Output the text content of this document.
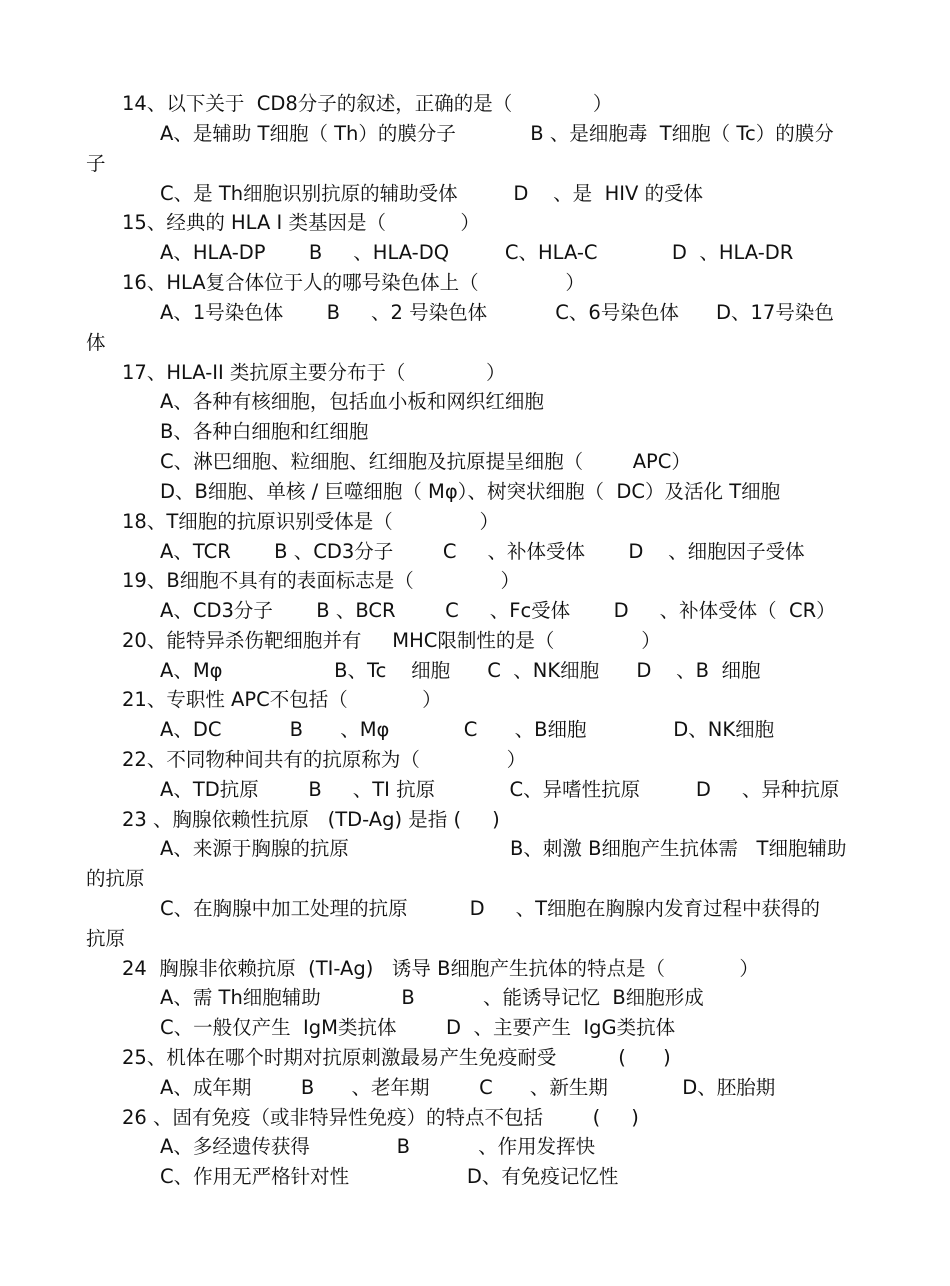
14、以下关于  CD8分子的叙述，正确的是（             ）
A、是辅助 T细胞（ Th）的膜分子            B 、是细胞毒  T细胞（ Tc）的膜分
子
C、是 Th细胞识别抗原的辅助受体         D    、是  HIV 的受体
15、经典的 HLA I 类基因是（            ）
A、HLA-DP       B     、HLA-DQ         C、HLA-C            D  、HLA-DR
16、HLA复合体位于人的哪号染色体上（              ）
A、1号染色体       B     、2 号染色体           C、6号染色体      D、17号染色
体
17、HLA-II 类抗原主要分布于（             ）
A、各种有核细胞，包括血小板和网织红细胞
B、各种白细胞和红细胞
C、淋巴细胞、粒细胞、红细胞及抗原提呈细胞（        APC）
D、B细胞、单核 / 巨噬细胞（ Mφ）、树突状细胞（  DC）及活化 T细胞
18、T细胞的抗原识别受体是（              ）
A、TCR       B 、CD3分子        C     、补体受体       D    、细胞因子受体
19、B细胞不具有的表面标志是（              ）
A、CD3分子       B 、BCR        C     、Fc受体       D     、补体受体（  CR）
20、能特异杀伤靶细胞并有     MHC限制性的是（              ）
A、Mφ                  B、Tc    细胞      C  、NK细胞      D    、B  细胞
21、专职性 APC不包括（            ）
A、DC           B      、Mφ            C      、B细胞              D、NK细胞
22、不同物种间共有的抗原称为（              ）
A、TD抗原        B     、TI 抗原            C、异嗜性抗原         D     、异种抗原
23 、胸腺依赖性抗原   (TD-Ag) 是指 (     )
A、来源于胸腺的抗原                          B、刺激 B细胞产生抗体需   T细胞辅助
的抗原
C、在胸腺中加工处理的抗原          D     、T细胞在胸腺内发育过程中获得的
抗原
24  胸腺非依赖抗原  (TI-Ag)   诱导 B细胞产生抗体的特点是（            ）
A、需 Th细胞辅助             B           、能诱导记忆  B细胞形成
C、一般仅产生  IgM类抗体        D  、主要产生  IgG类抗体
25、机体在哪个时期对抗原刺激最易产生免疫耐受          (      )
A、成年期        B      、老年期        C      、新生期            D、胚胎期
26 、固有免疫（或非特异性免疫）的特点不包括        (     )
A、多经遗传获得              B           、作用发挥快
C、作用无严格针对性                   D、有免疫记忆性
